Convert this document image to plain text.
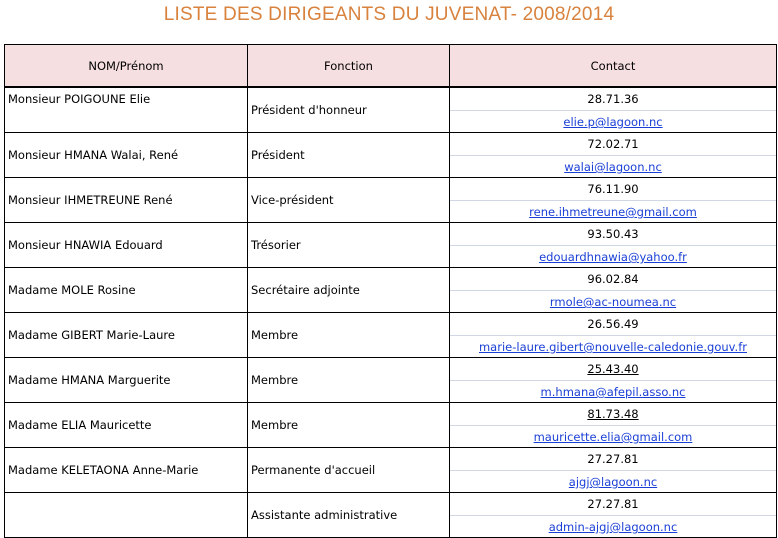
LISTE DES DIRIGEANTS DU JUVENAT- 2008/2014
NOM/Prénom	Fonction	Contact
Monsieur POIGOUNE Elie	Président d'honneur	28.71.36
elie.p@lagoon.nc

Monsieur HMANA Walai, René	Président	72.02.71
walai@lagoon.nc

Monsieur IHMETREUNE René	Vice-président	76.11.90
rene.ihmetreune@gmail.com

Monsieur HNAWIA Edouard	Trésorier	93.50.43
edouardhnawia@yahoo.fr

Madame MOLE Rosine	Secrétaire adjointe	96.02.84
rmole@ac-noumea.nc

Madame GIBERT Marie-Laure	Membre	26.56.49
marie-laure.gibert@nouvelle-caledonie.gouv.fr

Madame HMANA Marguerite	Membre	25.43.40
m.hmana@afepil.asso.nc

Madame ELIA Mauricette	Membre	81.73.48
mauricette.elia@gmail.com

Madame KELETAONA Anne-Marie	Permanente d'accueil	27.27.81
ajgj@lagoon.nc

	Assistante administrative	27.27.81
admin-ajgj@lagoon.nc
